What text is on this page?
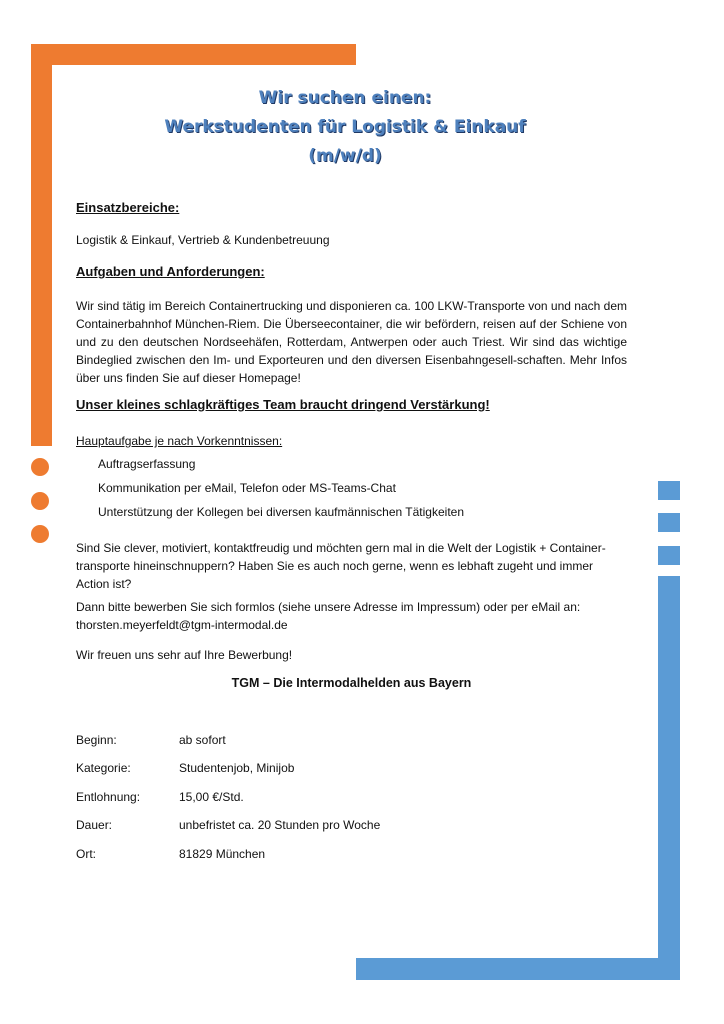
Wir suchen einen:
Werkstudenten für Logistik & Einkauf
(m/w/d)
Einsatzbereiche:
Logistik & Einkauf, Vertrieb & Kundenbetreuung
Aufgaben und Anforderungen:
Wir sind tätig im Bereich Containertrucking und disponieren ca. 100 LKW-Transporte von und nach dem Containerbahnhof München-Riem. Die Überseecontainer, die wir befördern, reisen auf der Schiene von und zu den deutschen Nordseehäfen, Rotterdam, Antwerpen oder auch Triest. Wir sind das wichtige Bindeglied zwischen den Im- und Exporteuren und den diversen Eisenbahngesell-schaften. Mehr Infos über uns finden Sie auf dieser Homepage!
Unser kleines schlagkräftiges Team braucht dringend Verstärkung!
Hauptaufgabe je nach Vorkenntnissen:
Auftragserfassung
Kommunikation per eMail, Telefon oder MS-Teams-Chat
Unterstützung der Kollegen bei diversen kaufmännischen Tätigkeiten
Sind Sie clever, motiviert, kontaktfreudig und möchten gern mal in die Welt der Logistik + Container-transporte hineinschnuppern? Haben Sie es auch noch gerne, wenn es lebhaft zugeht und immer Action ist?
Dann bitte bewerben Sie sich formlos (siehe unsere Adresse im Impressum) oder per eMail an: thorsten.meyerfeldt@tgm-intermodal.de
Wir freuen uns sehr auf Ihre Bewerbung!
TGM – Die Intermodalhelden aus Bayern
Beginn:	ab sofort
Kategorie:	Studentenjob, Minijob
Entlohnung:	15,00 €/Std.
Dauer:	unbefristet ca. 20 Stunden pro Woche
Ort:	81829 München
